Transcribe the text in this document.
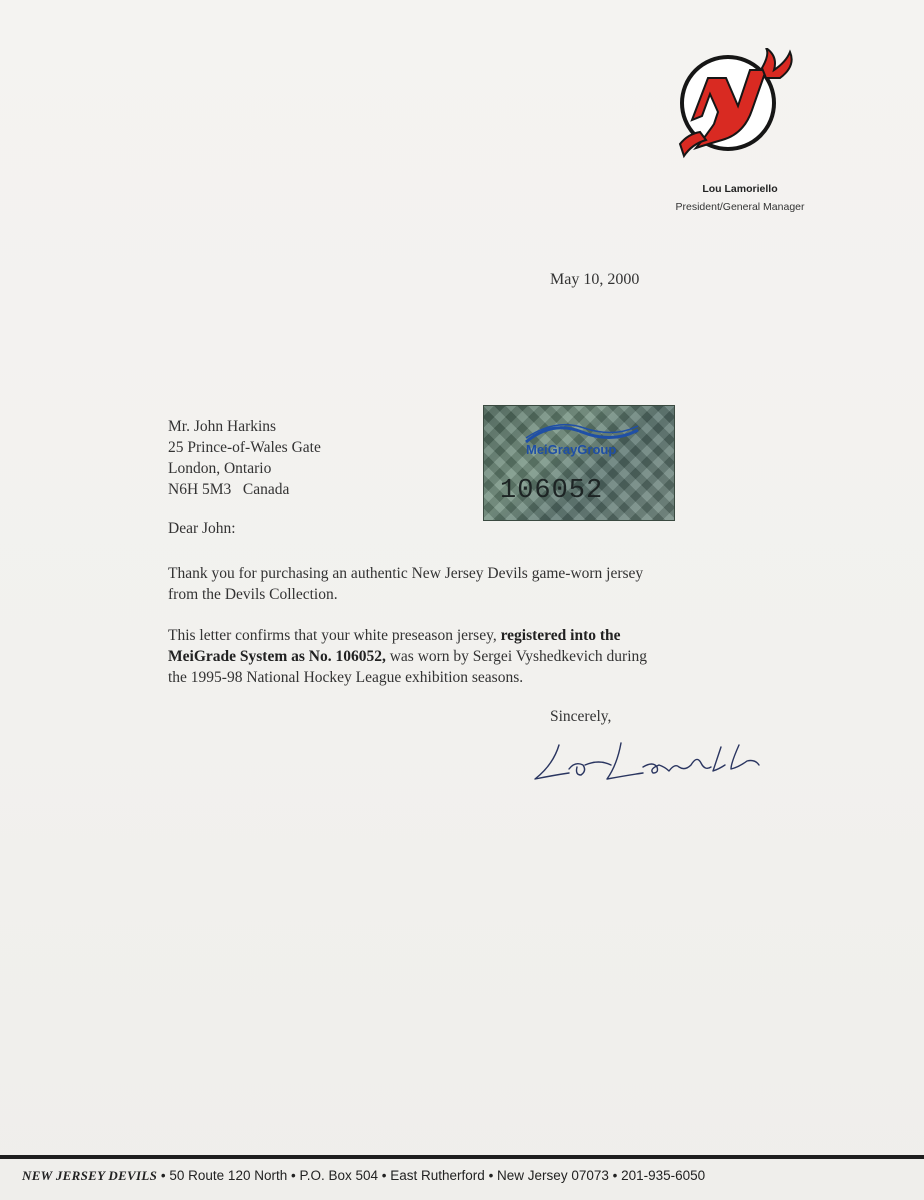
Lou Lamoriello
President/General Manager
May 10, 2000
Mr. John Harkins
25 Prince-of-Wales Gate
London, Ontario
N6H 5M3   Canada
MeiGrayGroup
106052
Dear John:
Thank you for purchasing an authentic New Jersey Devils game-worn jersey
from the Devils Collection.
This letter confirms that your white preseason jersey, registered into the
MeiGrade System as No. 106052, was worn by Sergei Vyshedkevich during
the 1995-98 National Hockey League exhibition seasons.
Sincerely,
NEW JERSEY DEVILS • 50 Route 120 North • P.O. Box 504 • East Rutherford • New Jersey 07073 • 201-935-6050
